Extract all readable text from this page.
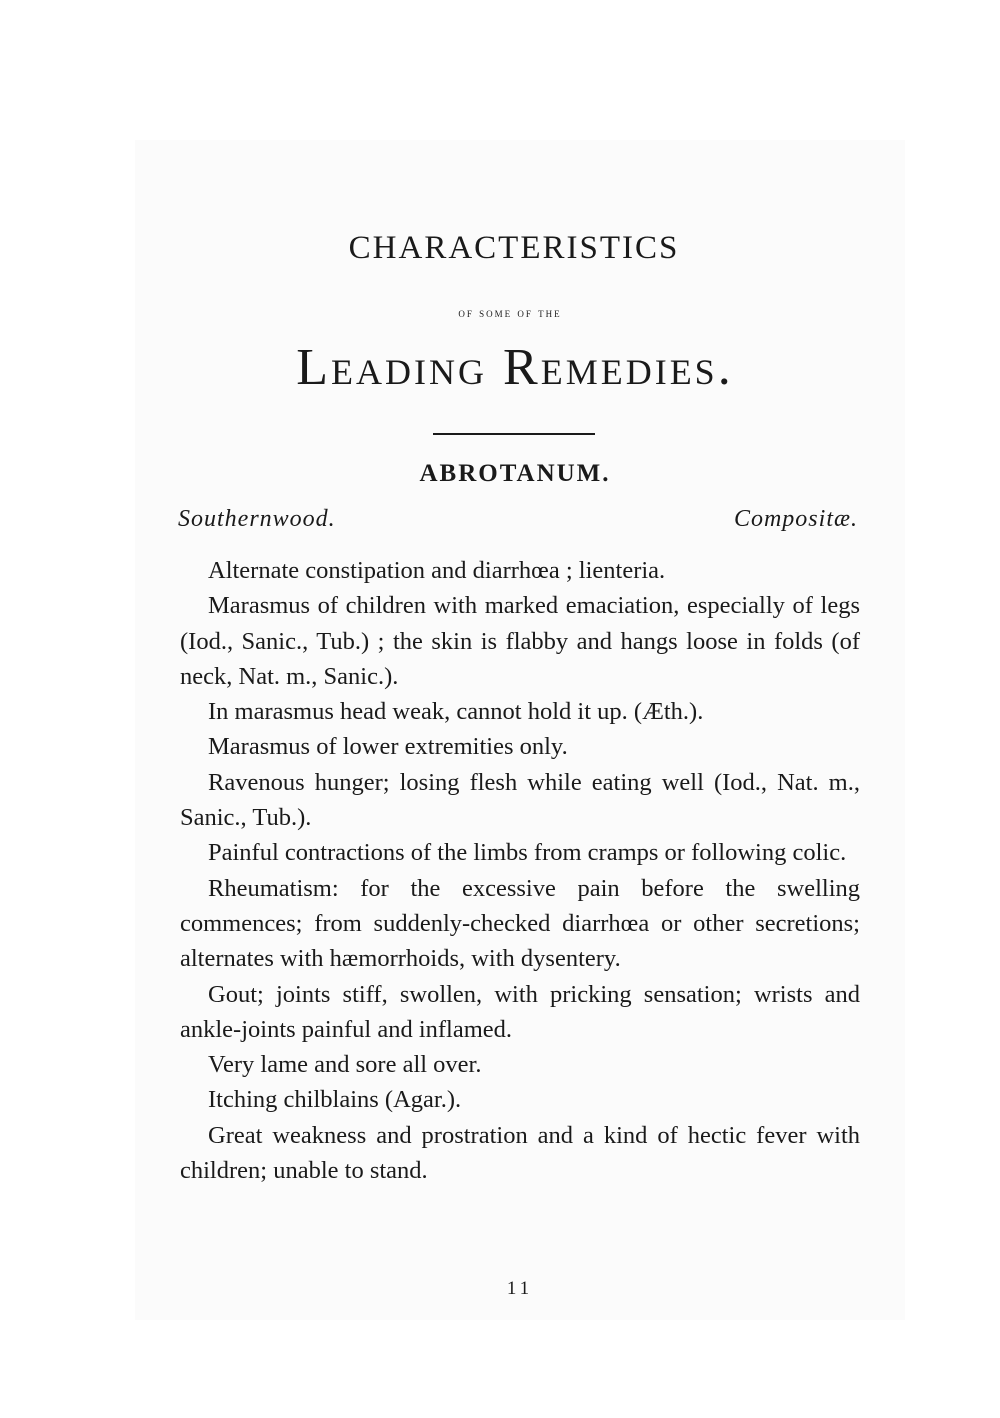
CHARACTERISTICS
of some of the
Leading Remedies.
ABROTANUM.
Southernwood.	Compositæ.

Alternate constipation and diarrhœa ; lienteria.

Marasmus of children with marked emaciation, especially of legs (Iod., Sanic., Tub.) ; the skin is flabby and hangs loose in folds (of neck, Nat. m., Sanic.).

In marasmus head weak, cannot hold it up. (Æth.).

Marasmus of lower extremities only.

Ravenous hunger; losing flesh while eating well (Iod., Nat. m., Sanic., Tub.).

Painful contractions of the limbs from cramps or following colic.

Rheumatism: for the excessive pain before the swelling commences; from suddenly-checked diarrhœa or other secretions; alternates with hæmorrhoids, with dysentery.

Gout; joints stiff, swollen, with pricking sensation; wrists and ankle-joints painful and inflamed.

Very lame and sore all over.

Itching chilblains (Agar.).

Great weakness and prostration and a kind of hectic fever with children; unable to stand.

11
